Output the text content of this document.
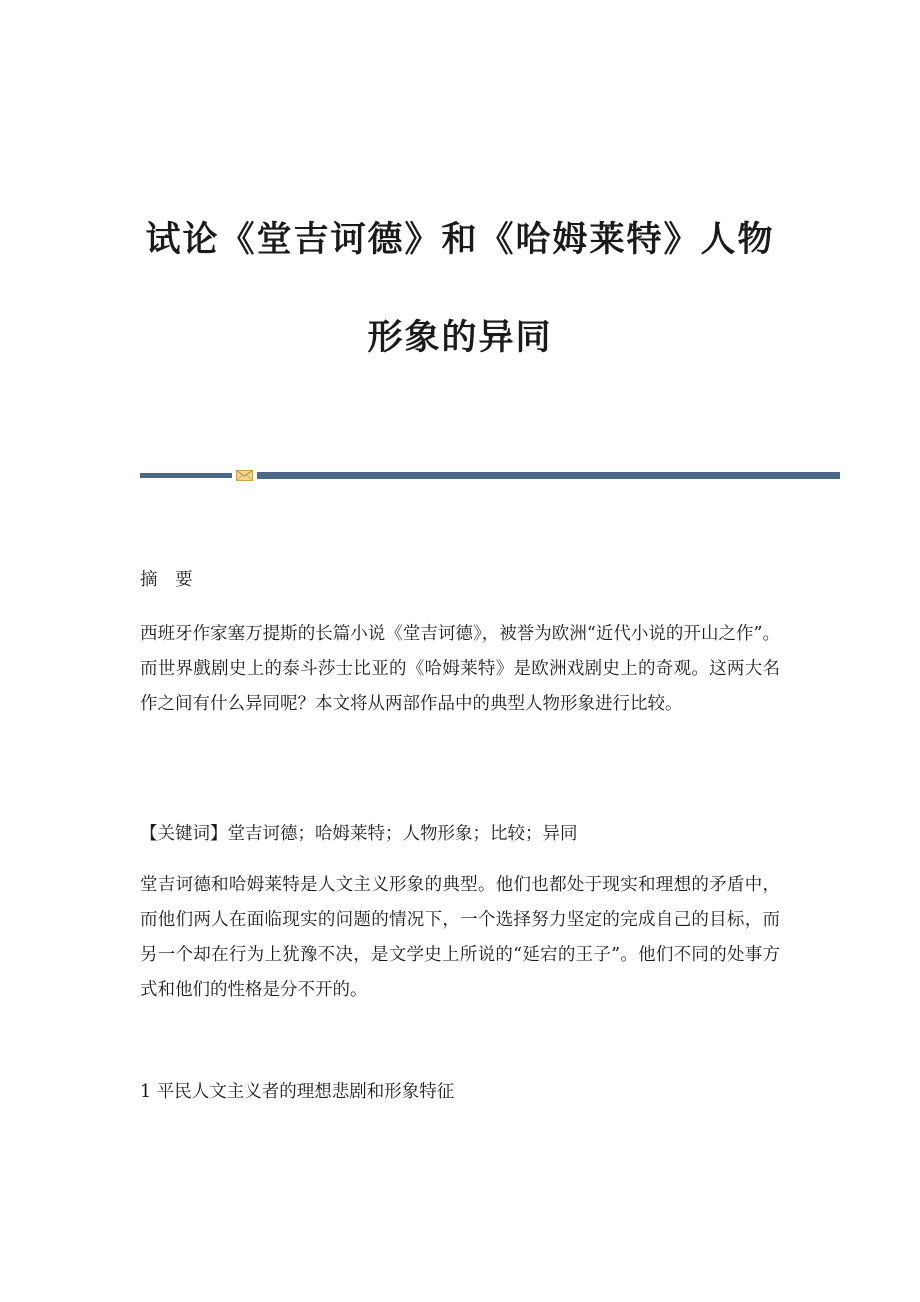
试论《堂吉诃德》和《哈姆莱特》人物
形象的异同

摘 要

西班牙作家塞万提斯的长篇小说《堂吉诃德》，被誉为欧洲“近代小说的开山之作”。而世界戲剧史上的泰斗莎士比亚的《哈姆莱特》是欧洲戏剧史上的奇观。这两大名作之间有什么异同呢？本文将从两部作品中的典型人物形象进行比较。

【关键词】堂吉诃德；哈姆莱特；人物形象；比较；异同

堂吉诃德和哈姆莱特是人文主义形象的典型。他们也都处于现实和理想的矛盾中，而他们两人在面临现实的问题的情况下，一个选择努力坚定的完成自己的目标，而另一个却在行为上犹豫不决，是文学史上所说的“延宕的王子”。他们不同的处事方式和他们的性格是分不开的。

1 平民人文主义者的理想悲剧和形象特征
